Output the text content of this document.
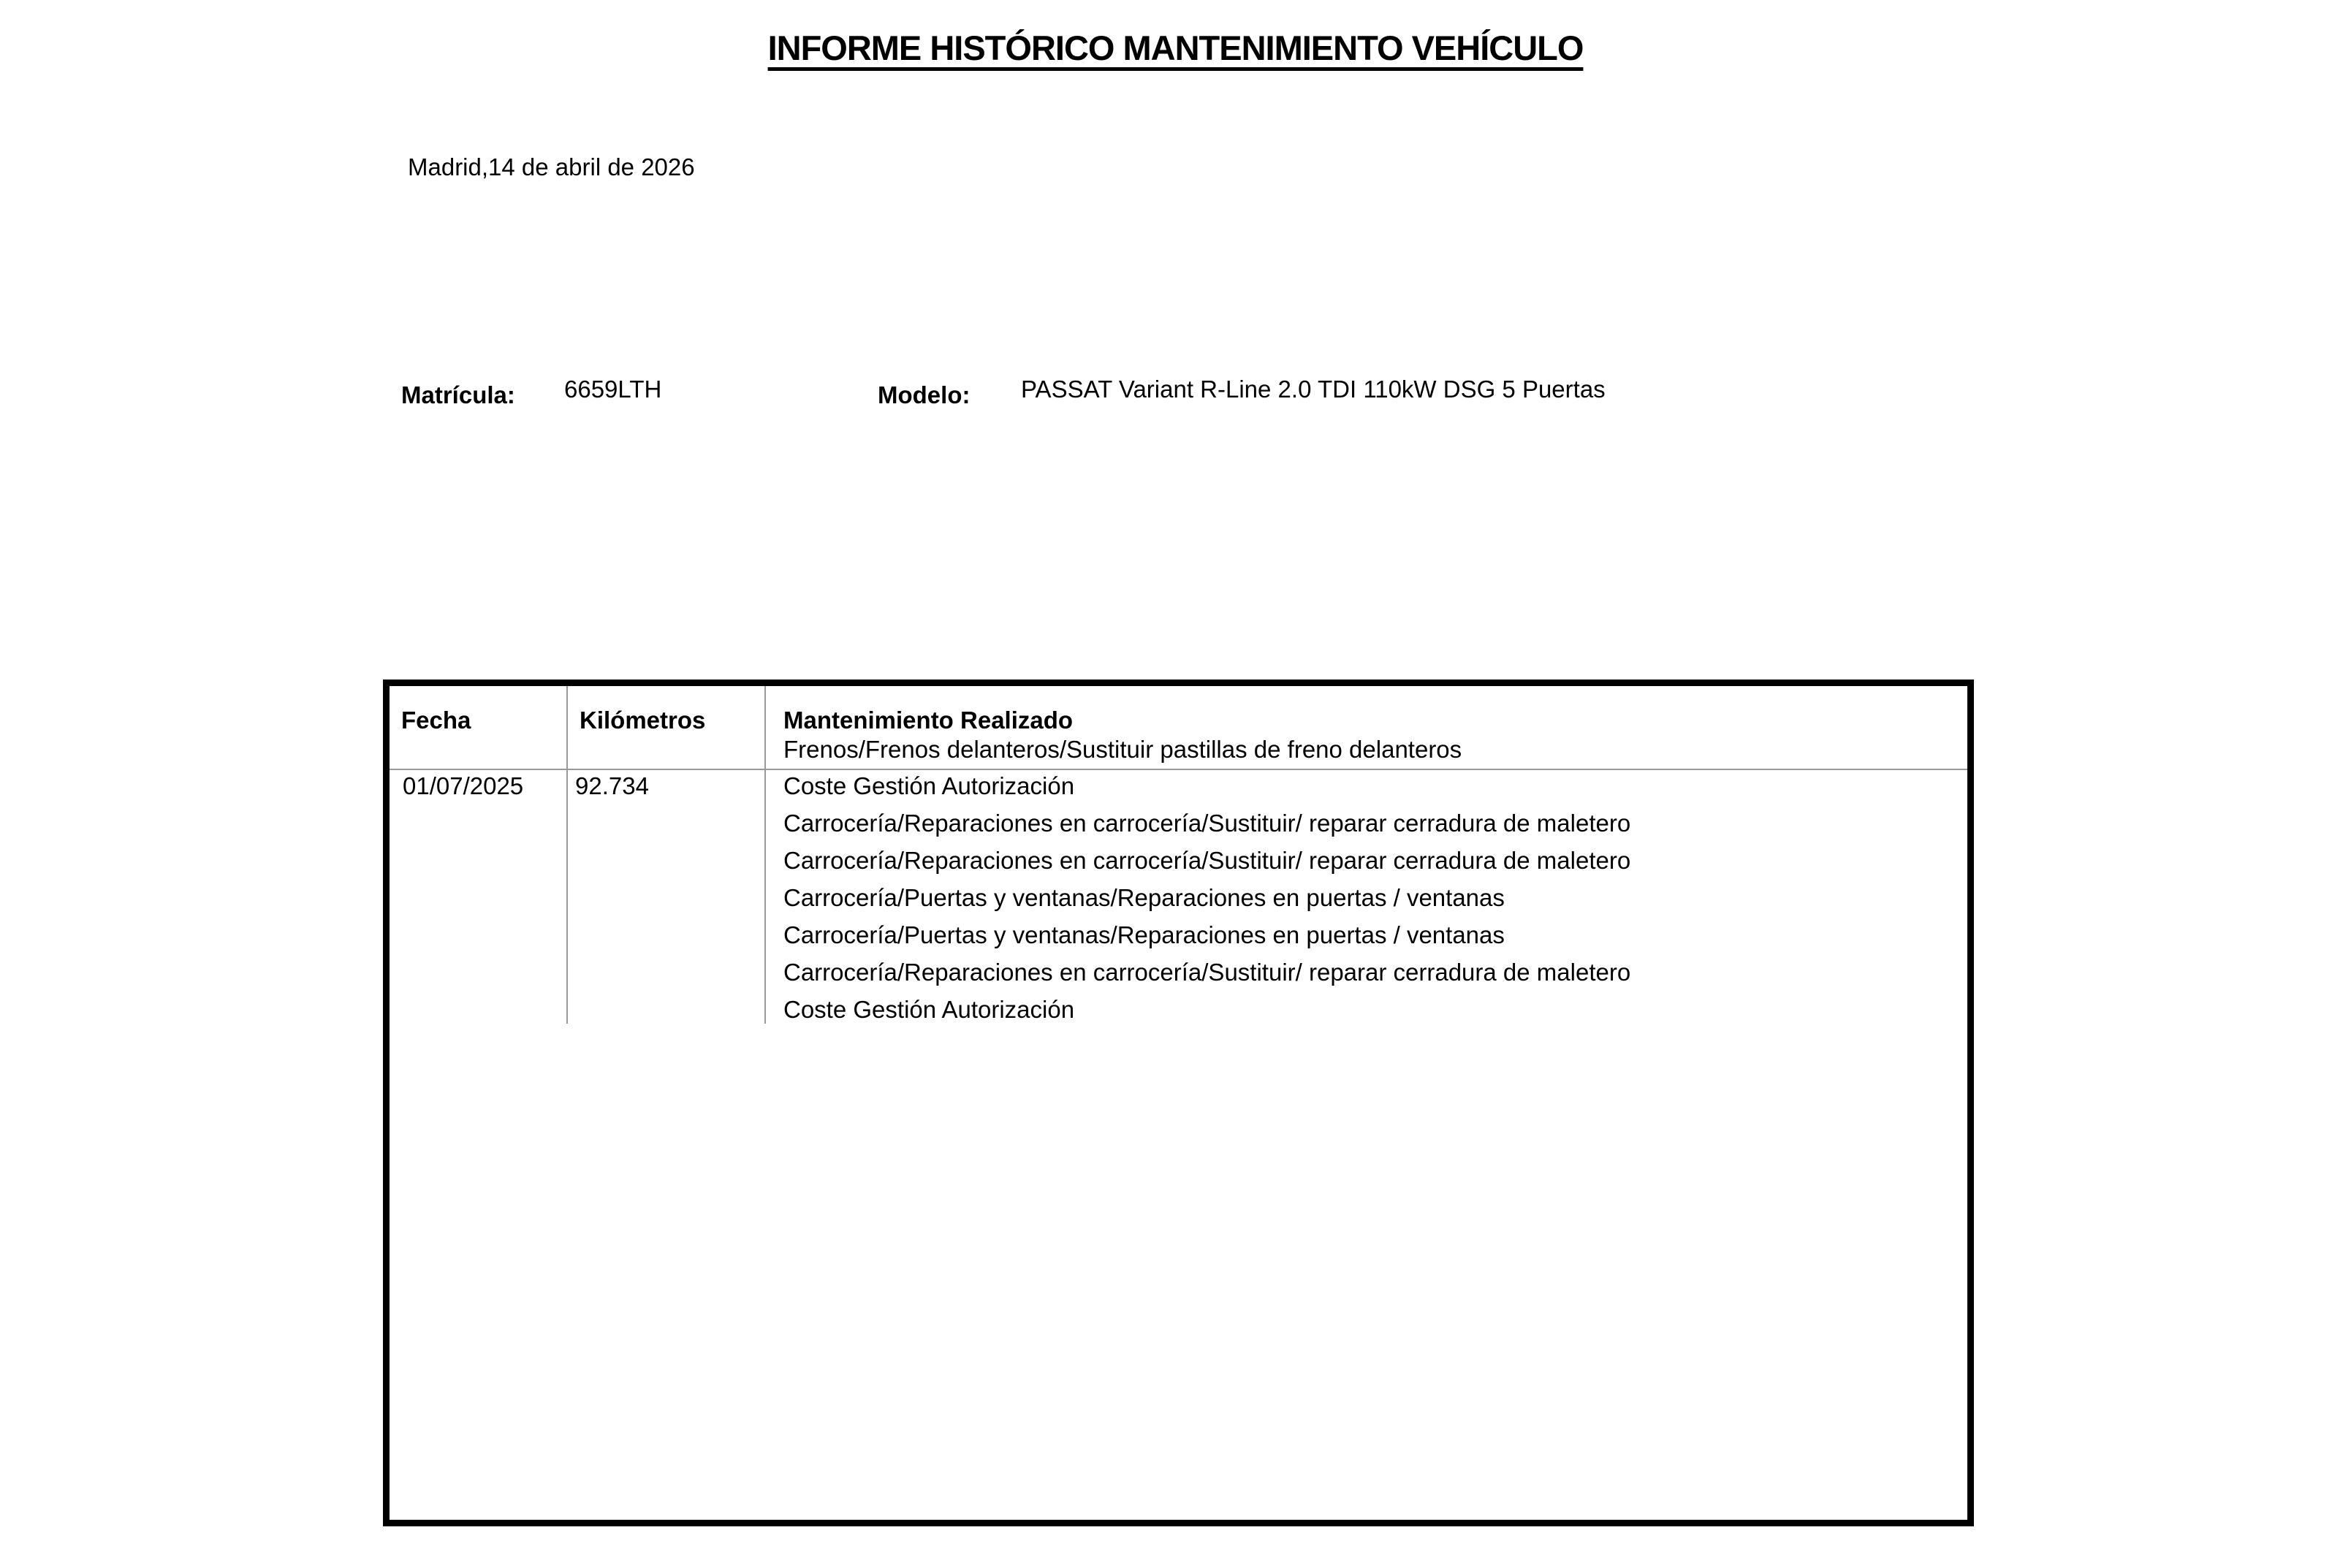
INFORME HISTÓRICO MANTENIMIENTO VEHÍCULO
Madrid,14 de abril de 2026
Matrícula: 6659LTH	Modelo: PASSAT Variant R-Line 2.0 TDI 110kW DSG 5 Puertas
Fecha	Kilómetros	Mantenimiento Realizado
Frenos/Frenos delanteros/Sustituir pastillas de freno delanteros
01/07/2025 92.734	Coste Gestión Autorización
Carrocería/Reparaciones en carrocería/Sustituir/ reparar cerradura de maletero
Carrocería/Reparaciones en carrocería/Sustituir/ reparar cerradura de maletero
Carrocería/Puertas y ventanas/Reparaciones en puertas / ventanas
Carrocería/Puertas y ventanas/Reparaciones en puertas / ventanas
Carrocería/Reparaciones en carrocería/Sustituir/ reparar cerradura de maletero
Coste Gestión Autorización
